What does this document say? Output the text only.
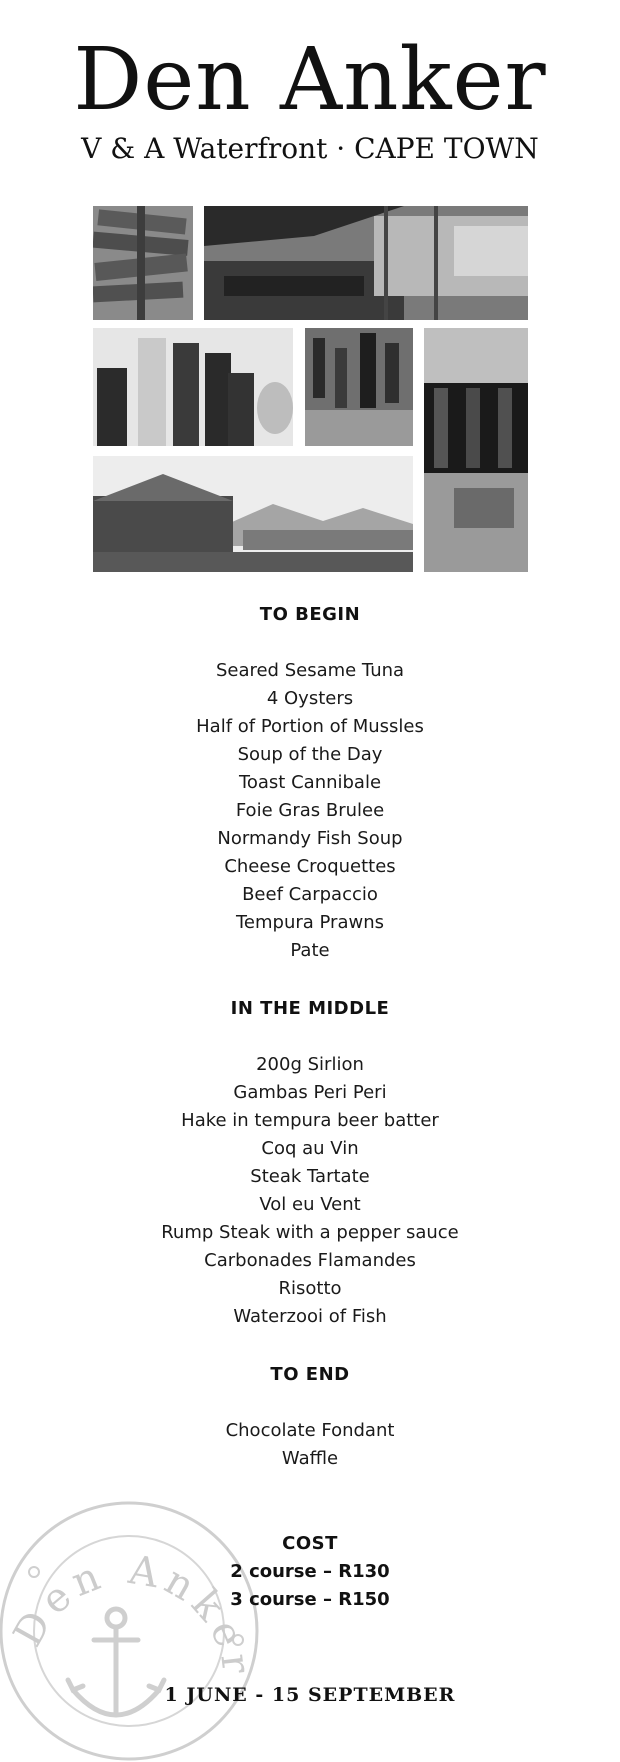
Den Anker
V & A Waterfront · CAPE TOWN
TO BEGIN
Seared Sesame Tuna
4 Oysters
Half of Portion of Mussles
Soup of the Day
Toast Cannibale
Foie Gras Brulee
Normandy Fish Soup
Cheese Croquettes
Beef Carpaccio
Tempura Prawns
Pate
IN THE MIDDLE
200g Sirlion
Gambas Peri Peri
Hake in tempura beer batter
Coq au Vin
Steak Tartate
Vol eu Vent
Rump Steak with a pepper sauce
Carbonades Flamandes
Risotto
Waterzooi of Fish
Den Anker
TO END
Chocolate Fondant
Waffle
COST
2 course – R130
3 course – R150
1 JUNE - 15 SEPTEMBER
